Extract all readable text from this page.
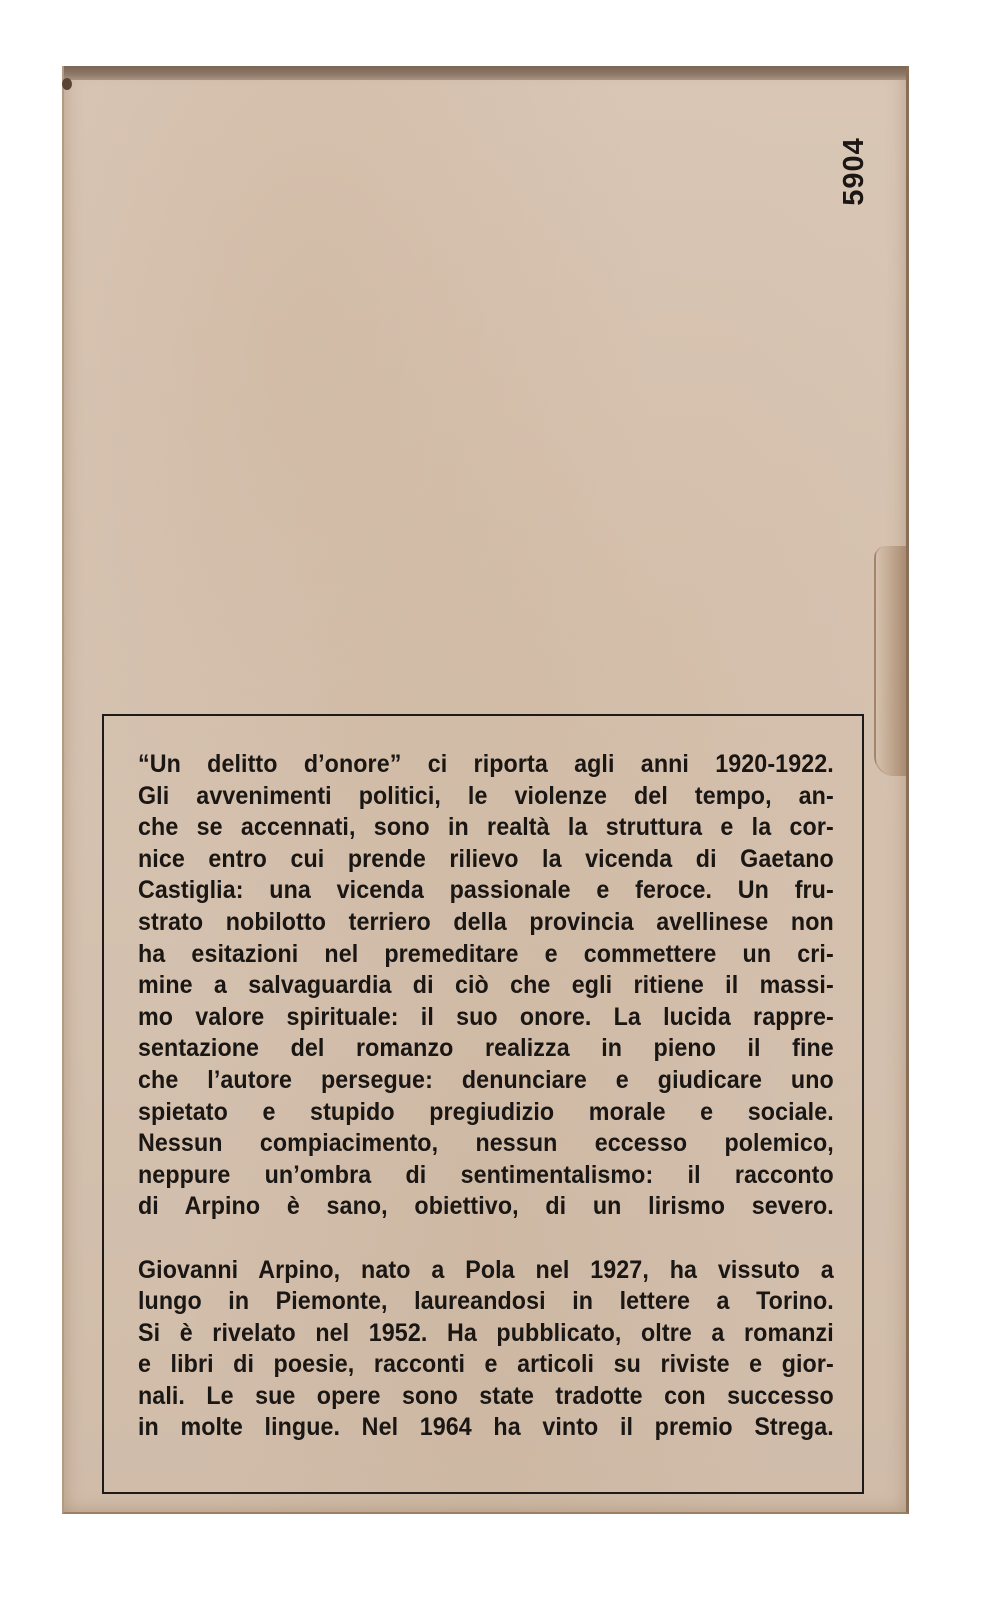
5904
“Un delitto d’onore” ci riporta agli anni 1920-1922.
Gli avvenimenti politici, le violenze del tempo, an-
che se accennati, sono in realtà la struttura e la cor-
nice entro cui prende rilievo la vicenda di Gaetano
Castiglia: una vicenda passionale e feroce. Un fru-
strato nobilotto terriero della provincia avellinese non
ha esitazioni nel premeditare e commettere un cri-
mine a salvaguardia di ciò che egli ritiene il massi-
mo valore spirituale: il suo onore. La lucida rappre-
sentazione del romanzo realizza in pieno il fine
che l’autore persegue: denunciare e giudicare uno
spietato e stupido pregiudizio morale e sociale.
Nessun compiacimento, nessun eccesso polemico,
neppure un’ombra di sentimentalismo: il racconto
di Arpino è sano, obiettivo, di un lirismo severo.
Giovanni Arpino, nato a Pola nel 1927, ha vissuto a
lungo in Piemonte, laureandosi in lettere a Torino.
Si è rivelato nel 1952. Ha pubblicato, oltre a romanzi
e libri di poesie, racconti e articoli su riviste e gior-
nali. Le sue opere sono state tradotte con successo
in molte lingue. Nel 1964 ha vinto il premio Strega.
